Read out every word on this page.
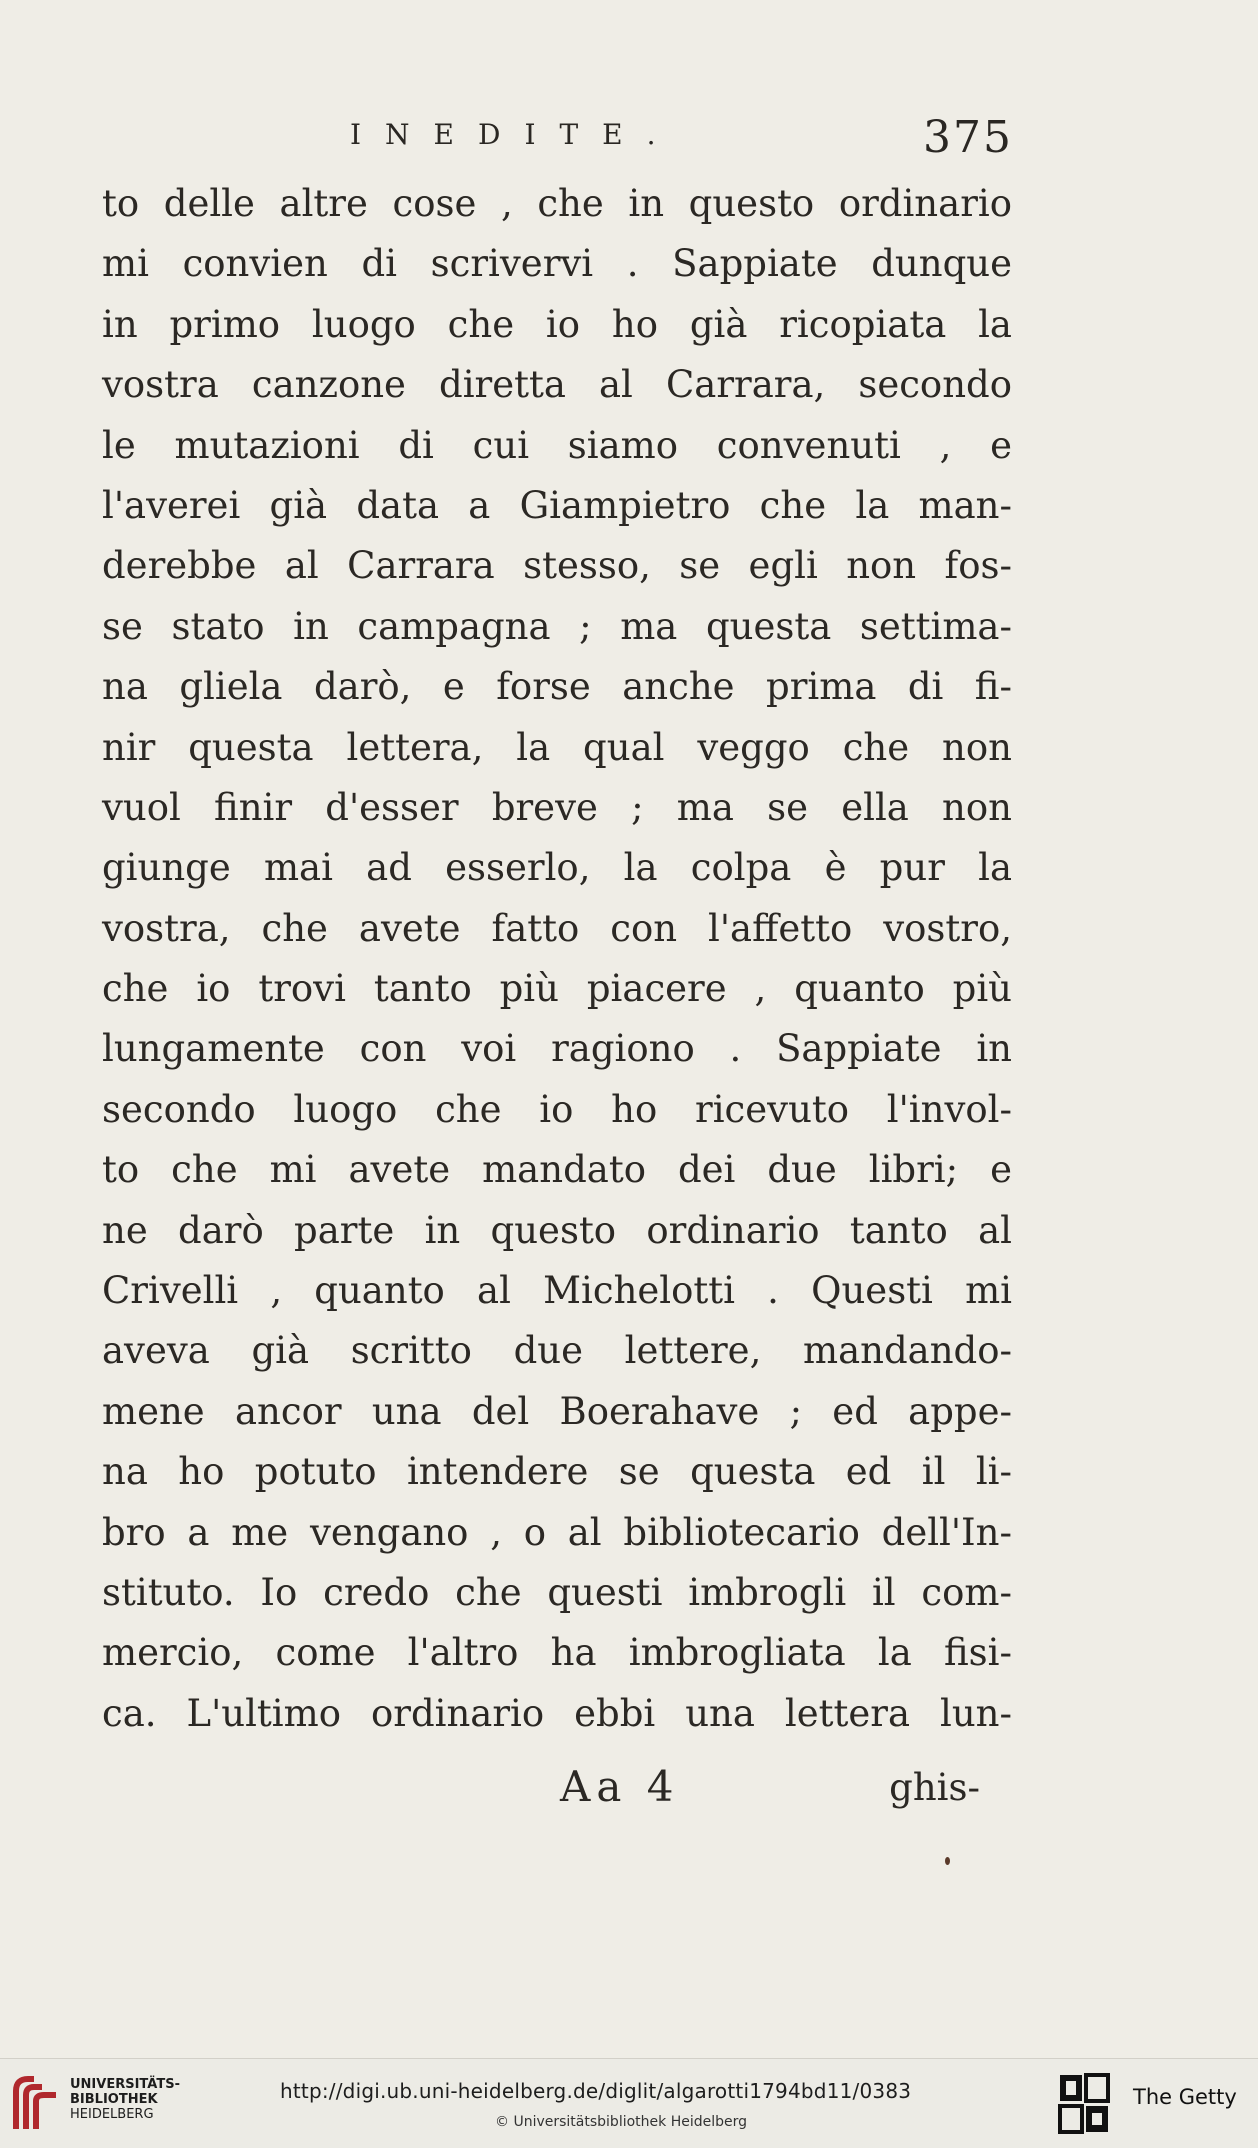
INEDITE.	375
to delle altre cose , che in questo ordinario
mi convien di scrivervi . Sappiate dunque
in primo luogo che io ho già ricopiata la
vostra canzone diretta al Carrara, secondo
le mutazioni di cui siamo convenuti , e
l'averei già data a Giampietro che la man-
derebbe al Carrara stesso, se egli non fos-
se stato in campagna ; ma questa settima-
na gliela darò, e forse anche prima di fi-
nir questa lettera, la qual veggo che non
vuol finir d'esser breve ; ma se ella non
giunge mai ad esserlo, la colpa è pur la
vostra, che avete fatto con l'affetto vostro,
che io trovi tanto più piacere , quanto più
lungamente con voi ragiono . Sappiate in
secondo luogo che io ho ricevuto l'invol-
to che mi avete mandato dei due libri; e
ne darò parte in questo ordinario tanto al
Crivelli , quanto al Michelotti . Questi mi
aveva già scritto due lettere, mandando-
mene ancor una del Boerahave ; ed appe-
na ho potuto intendere se questa ed il li-
bro a me vengano , o al bibliotecario dell'In-
stituto. Io credo che questi imbrogli il com-
mercio, come l'altro ha imbrogliata la fisi-
ca. L'ultimo ordinario ebbi una lettera lun-
Aa 4	ghis-
UNIVERSITÄTS-
BIBLIOTHEK
HEIDELBERG
http://digi.ub.uni-heidelberg.de/diglit/algarotti1794bd11/0383
© Universitätsbibliothek Heidelberg
The Getty
